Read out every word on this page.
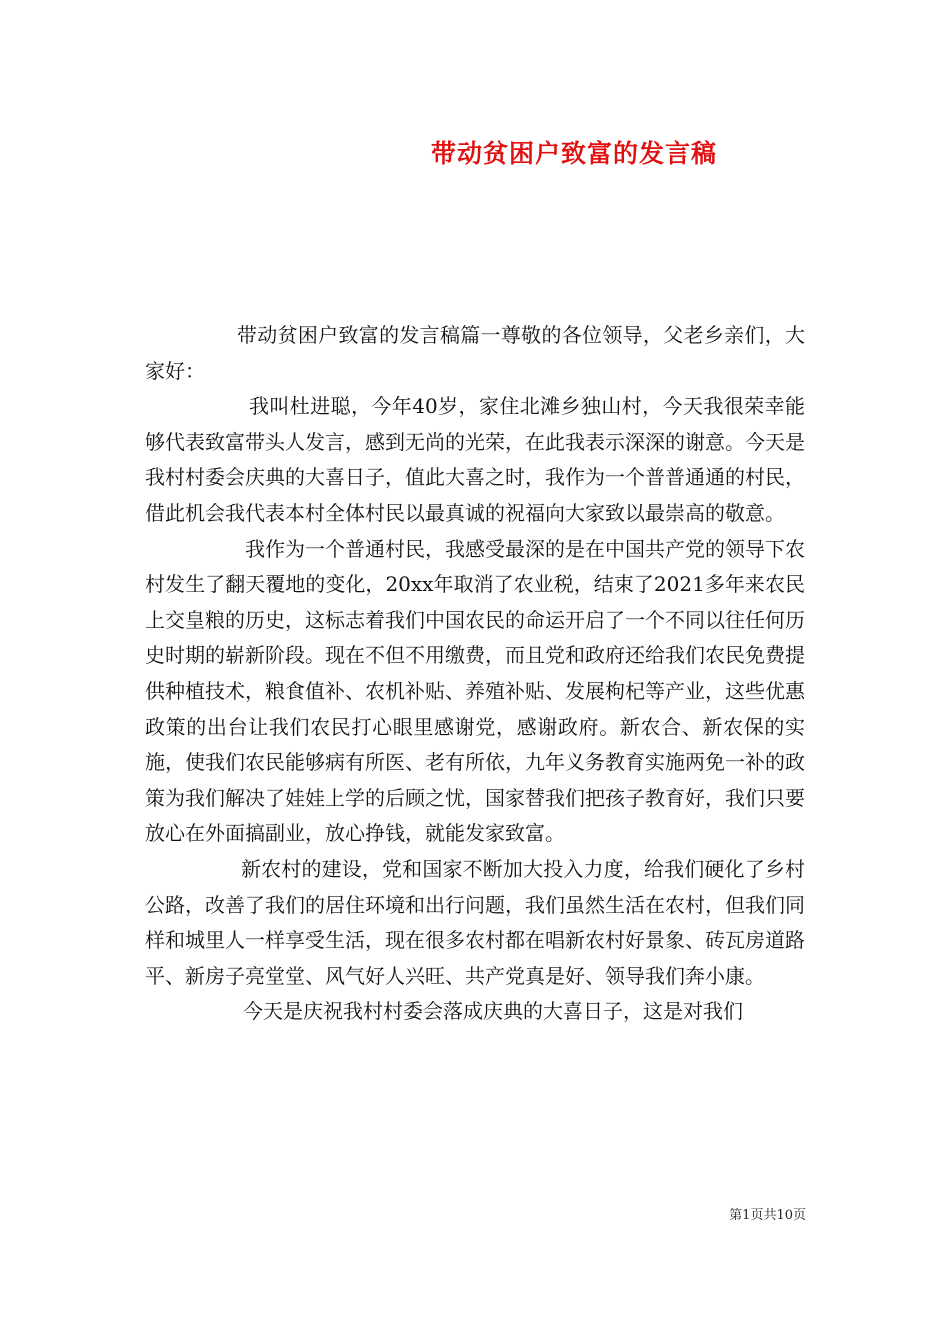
带动贫困户致富的发言稿

带动贫困户致富的发言稿篇一尊敬的各位领导，父老乡亲们，大家好：

我叫杜进聪，今年40岁，家住北滩乡独山村，今天我很荣幸能够代表致富带头人发言，感到无尚的光荣，在此我表示深深的谢意。今天是我村村委会庆典的大喜日子，值此大喜之时，我作为一个普普通通的村民，借此机会我代表本村全体村民以最真诚的祝福向大家致以最崇高的敬意。

我作为一个普通村民，我感受最深的是在中国共产党的领导下农村发生了翻天覆地的变化，20xx年取消了农业税，结束了2021多年来农民上交皇粮的历史，这标志着我们中国农民的命运开启了一个不同以往任何历史时期的崭新阶段。现在不但不用缴费，而且党和政府还给我们农民免费提供种植技术，粮食值补、农机补贴、养殖补贴、发展枸杞等产业，这些优惠政策的出台让我们农民打心眼里感谢党，感谢政府。新农合、新农保的实施，使我们农民能够病有所医、老有所依，九年义务教育实施两免一补的政策为我们解决了娃娃上学的后顾之忧，国家替我们把孩子教育好，我们只要放心在外面搞副业，放心挣钱，就能发家致富。

新农村的建设，党和国家不断加大投入力度，给我们硬化了乡村公路，改善了我们的居住环境和出行问题，我们虽然生活在农村，但我们同样和城里人一样享受生活，现在很多农村都在唱新农村好景象、砖瓦房道路平、新房子亮堂堂、风气好人兴旺、共产党真是好、领导我们奔小康。

今天是庆祝我村村委会落成庆典的大喜日子，这是对我们

第1页共10页
